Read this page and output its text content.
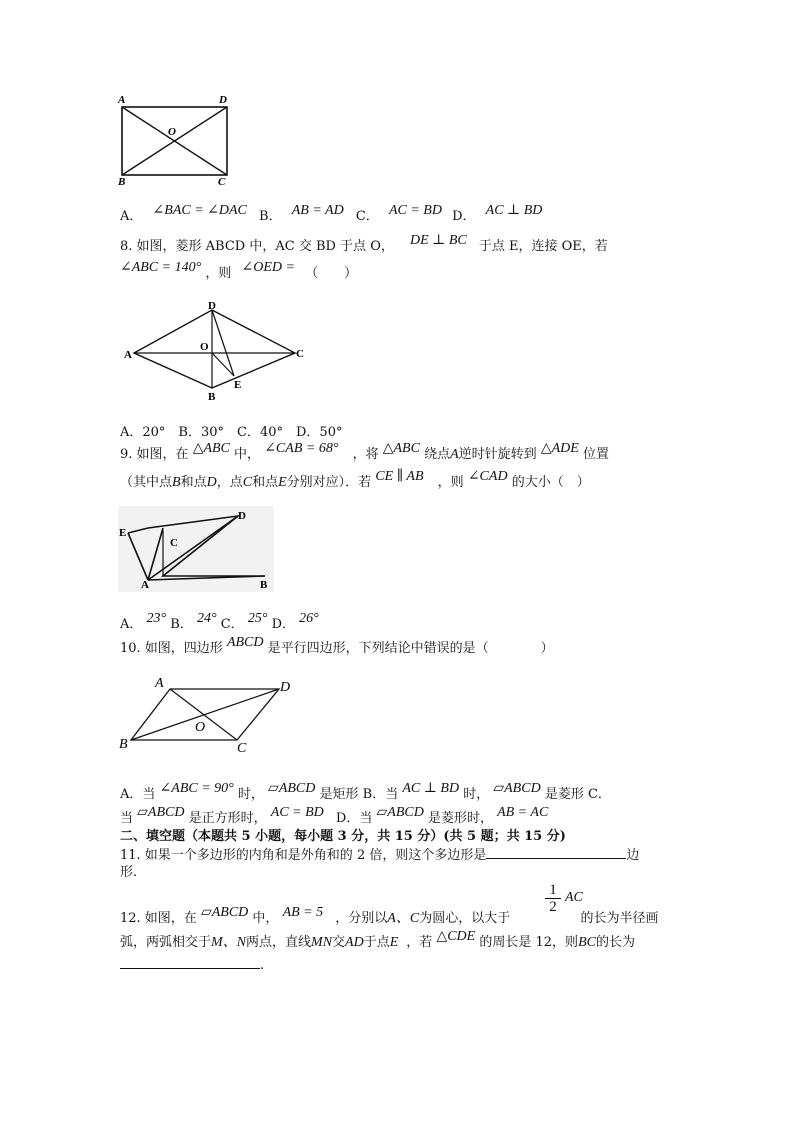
A	D
B	C
O
A． ∠BAC = ∠DAC B． AB = AD C． AC = BD D． AC ⊥ BD
8. 如图，菱形 ABCD 中，AC 交 BD 于点 O， DE ⊥ BC 于点 E，连接 OE，若
∠ABC = 140° ，则 ∠OED = （　　）
D
A	C
O
B
E
A．20°　B．30°　C．40°　D．50°
9. 如图，在 △ABC 中， ∠CAB = 68° ，将 △ABC 绕点A逆时针旋转到 △ADE 位置
（其中点B和点D，点C和点E分别对应）．若 CE ∥ AB ，则 ∠CAD 的大小（　）
E
D
C
A	B
A． 23° B． 24° C． 25° D． 26°
10. 如图，四边形 ABCD 是平行四边形，下列结论中错误的是（　　　　）
A	D
B	C
O
A．当 ∠ABC = 90° 时， ▱ABCD 是矩形 B．当 AC ⊥ BD 时， ▱ABCD 是菱形 C．
当 ▱ABCD 是正方形时， AC = BD D．当 ▱ABCD 是菱形时， AB = AC
二、填空题（本题共 5 小题，每小题 3 分，共 15 分）(共 5 题；共 15 分)
11. 如果一个多边形的内角和是外角和的 2 倍，则这个多边形是	边
形.
12. 如图，在 ▱ABCD 中， AB = 5 ，分别以A、C为圆心，以大于	的长为半径画
$\frac{1}{2}$ AC
弧，两弧相交于M、N两点，直线MN交AD于点E ，若 △CDE 的周长是 12，则BC的长为
.
